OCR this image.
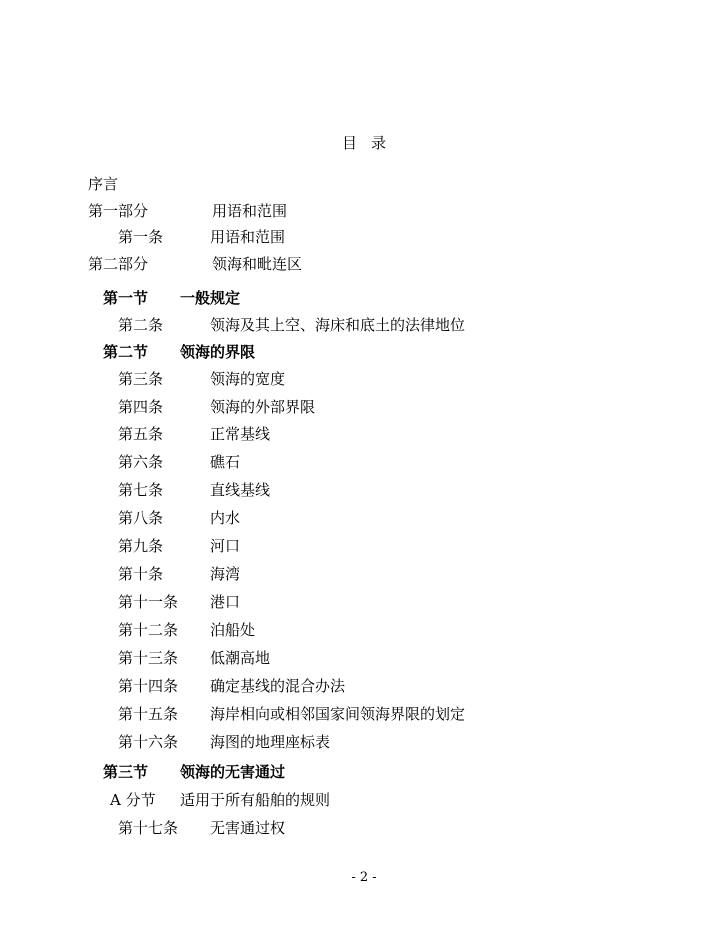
目录
序言
第一部分	用语和范围
第一条	用语和范围
第二部分	领海和毗连区
第一节 一般规定
第二条	领海及其上空、海床和底土的法律地位
第二节 领海的界限
第三条	领海的宽度
第四条	领海的外部界限
第五条	正常基线
第六条	礁石
第七条	直线基线
第八条	内水
第九条	河口
第十条	海湾
第十一条 港口
第十二条 泊船处
第十三条 低潮高地
第十四条 确定基线的混合办法
第十五条 海岸相向或相邻国家间领海界限的划定
第十六条 海图的地理座标表
第三节 领海的无害通过
A 分节 适用于所有船舶的规则
第十七条 无害通过权
- 2 -
